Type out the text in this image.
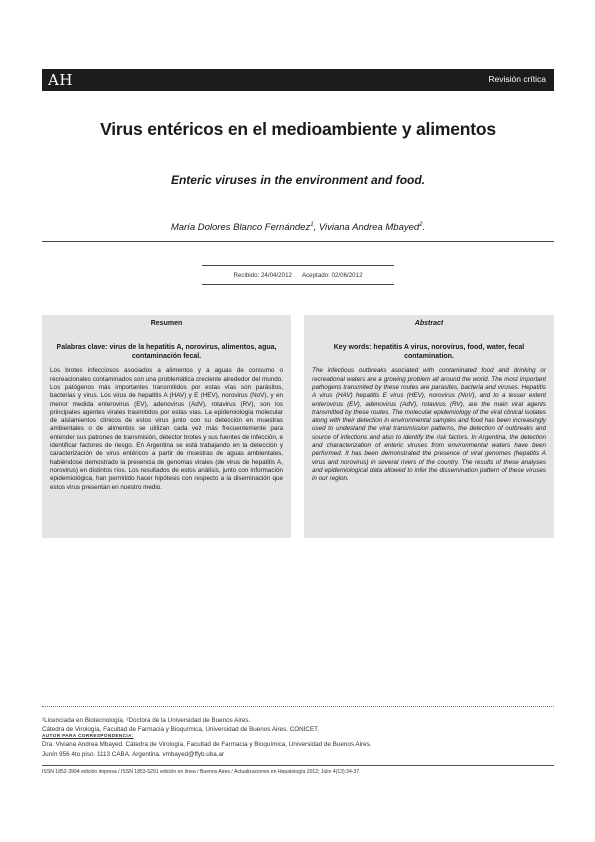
AH	Revisión crítica
Virus entéricos en el medioambiente y alimentos
Enteric viruses in the environment and food.

María Dolores Blanco Fernández$^1$, Viviana Andrea Mbayed$^2$.

Recibido: 24/04/2012 Aceptado: 02/06/2012
Resumen
Palabras clave: virus de la hepatitis A, norovirus, alimentos, agua, contaminación fecal.

Los brotes infecciosos asociados a alimentos y a aguas de consumo o recreacionales contaminados son una problemática creciente alrededor del mundo. Los patógenos más importantes transmitidos por estas vías son parásitos, bacterias y virus. Los virus de hepatitis A (HAV) y E (HEV), norovirus (NoV), y en menor medida enterovirus (EV), adenovirus (AdV), rotavirus (RV), son los principales agentes virales trasmitidos por estas vías. La epidemiología molecular de aislamientos clínicos de estos virus junto con su detección en muestras ambientales o de alimentos se utilizan cada vez más frecuentemente para entender sus patrones de transmisión, detector brotes y sus fuentes de infección, e identificar factores de riesgo. En Argentina se está trabajando en la detección y caracterización de virus entéricos a partir de muestras de aguas ambientales, habiéndose demostrado la presencia de genomas virales (de virus de hepatitis A, norovirus) en distintos ríos. Los resultados de estos análisis, junto con información epidemiológica, han permitido hacer hipótesis con respecto a la diseminación que estos virus presentan en nuestro medio.

Abstract
Key words: hepatitis A virus, norovirus, food, water, fecal contamination.

The infectious outbreaks asociated with contaminated food and drinking or recreational waters are a growing problem all around the world. The most important pathogens transmited by these routes are parasites, bacteria and viruses. Hepatitis A virus (HAV) hepatitis E virus (HEV), norovirus (NoV), and to a lesser extent enterovirus (EV), adenovirus (AdV), rotavirus (RV), are the main viral agents transmitted by these routes. The molecular epidemiology of the viral clinical isolates along with their detection in environmental samples and food has been increasingly used to undestand the viral transmission patterns, the detection of outbreaks and source of infections and also to identify the risk factors. In Argentina, the detection and characterization of enteric viruses from environmental waters have been performed. It has been demonstrated the presence of viral genomes (hepatitis A virus and norovirus) in several rivers of the country. The results of these analyses and epidemiological data allowed to infer the dissemination pattern of these viruses in our region.

¹Licenciada en Biotecnología. ²Doctora de la Universidad de Buenos Aires.
Cátedra de Virología, Facultad de Farmacia y Bioquímica, Universidad de Buenos Aires. CONICET.
AUTOR PARA CORRESPONDENCIA:
Dra. Viviana Andrea Mbayed. Cátedra de Virología, Facultad de Farmacia y Bioquímica, Universidad de Buenos Aires.
Junín 956 4to piso. 1113 CABA. Argentina. vmbayed@ffyb.uba.ar
ISSN 1852-3994 edición impresa / ISSN 1853-5291 edición en línea / Buenos Aires / Actualizaciones en Hepatología 2012; Julio 4(13):34-37.
